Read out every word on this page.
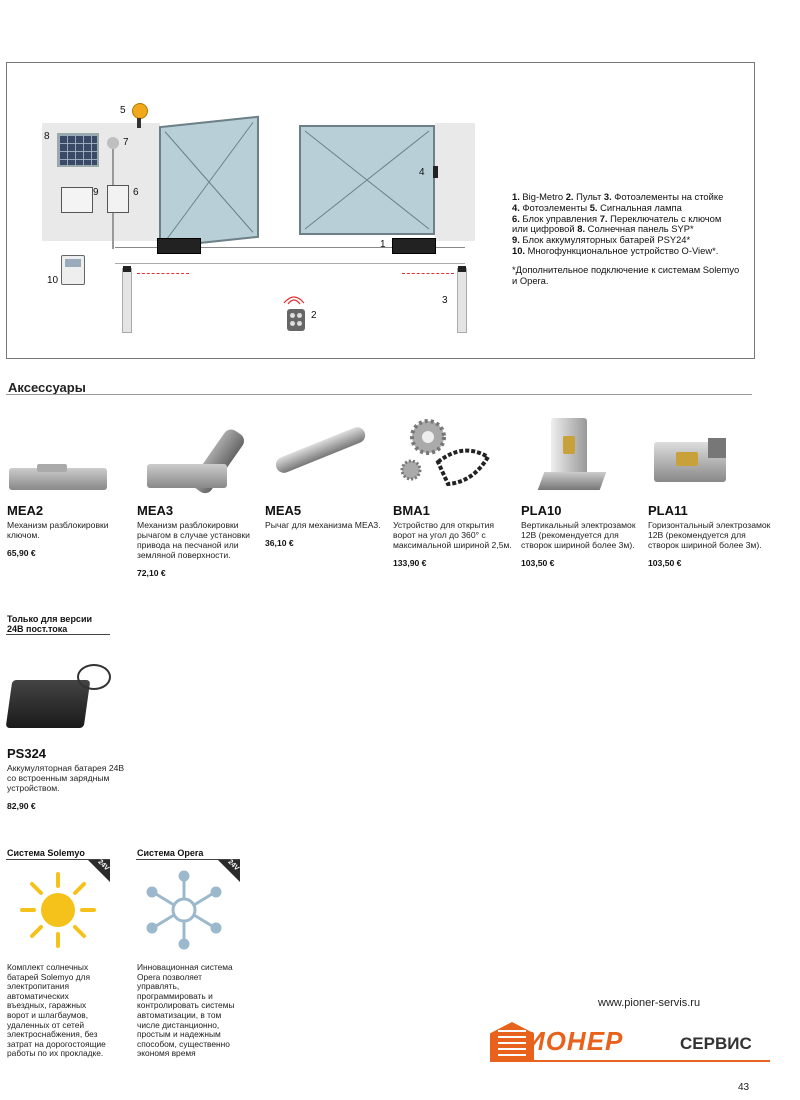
5
8
7
9	6
4
1
10
2
3

1. Big-Metro 2. Пульт 3. Фотоэлементы на стойке

4. Фотоэлементы 5. Сигнальная лампа

6. Блок управления 7. Переключатель с ключом

или цифровой 8. Солнечная панель SYP*

9. Блок аккумуляторных батарей PSY24*

10. Многофункциональное устройство O-View*.

*Дополнительное подключение к системам Solemyo и Opera.

Аксессуары
MEA2
Механизм разблокировки ключом.
65,90 €
MEA3
Механизм разблокировки рычагом в случае установки привода на песчаной или земляной поверхности.
72,10 €
MEA5
Рычаг для механизма MEA3.
36,10 €
BMA1
Устройство для открытия ворот на угол до 360° с максимальной шириной 2,5м.
133,90 €
PLA10
Вертикальный электрозамок 12В (рекомендуется для створок шириной более 3м).
103,50 €
PLA11
Горизонтальный электрозамок 12В (рекомендуется для створок шириной более 3м).
103,50 €
Только для версии
24В пост.тока
PS324
Аккумуляторная батарея 24В со встроенным зарядным устройством.
82,90 €
Система Solemyo
24V
Комплект солнечных батарей Solemyo для электропитания автоматических въездных, гаражных ворот и шлагбаумов, удаленных от сетей электроснабжения, без затрат на дорогостоящие работы по их прокладке.
Система Opera
24V
Инновационная система Opera позволяет управлять, программировать и контролировать системы автоматизации, в том числе дистанционно, простым и надежным способом, существенно экономя время
www.pioner-servis.ru
ИОНЕР	СЕРВИС
43
